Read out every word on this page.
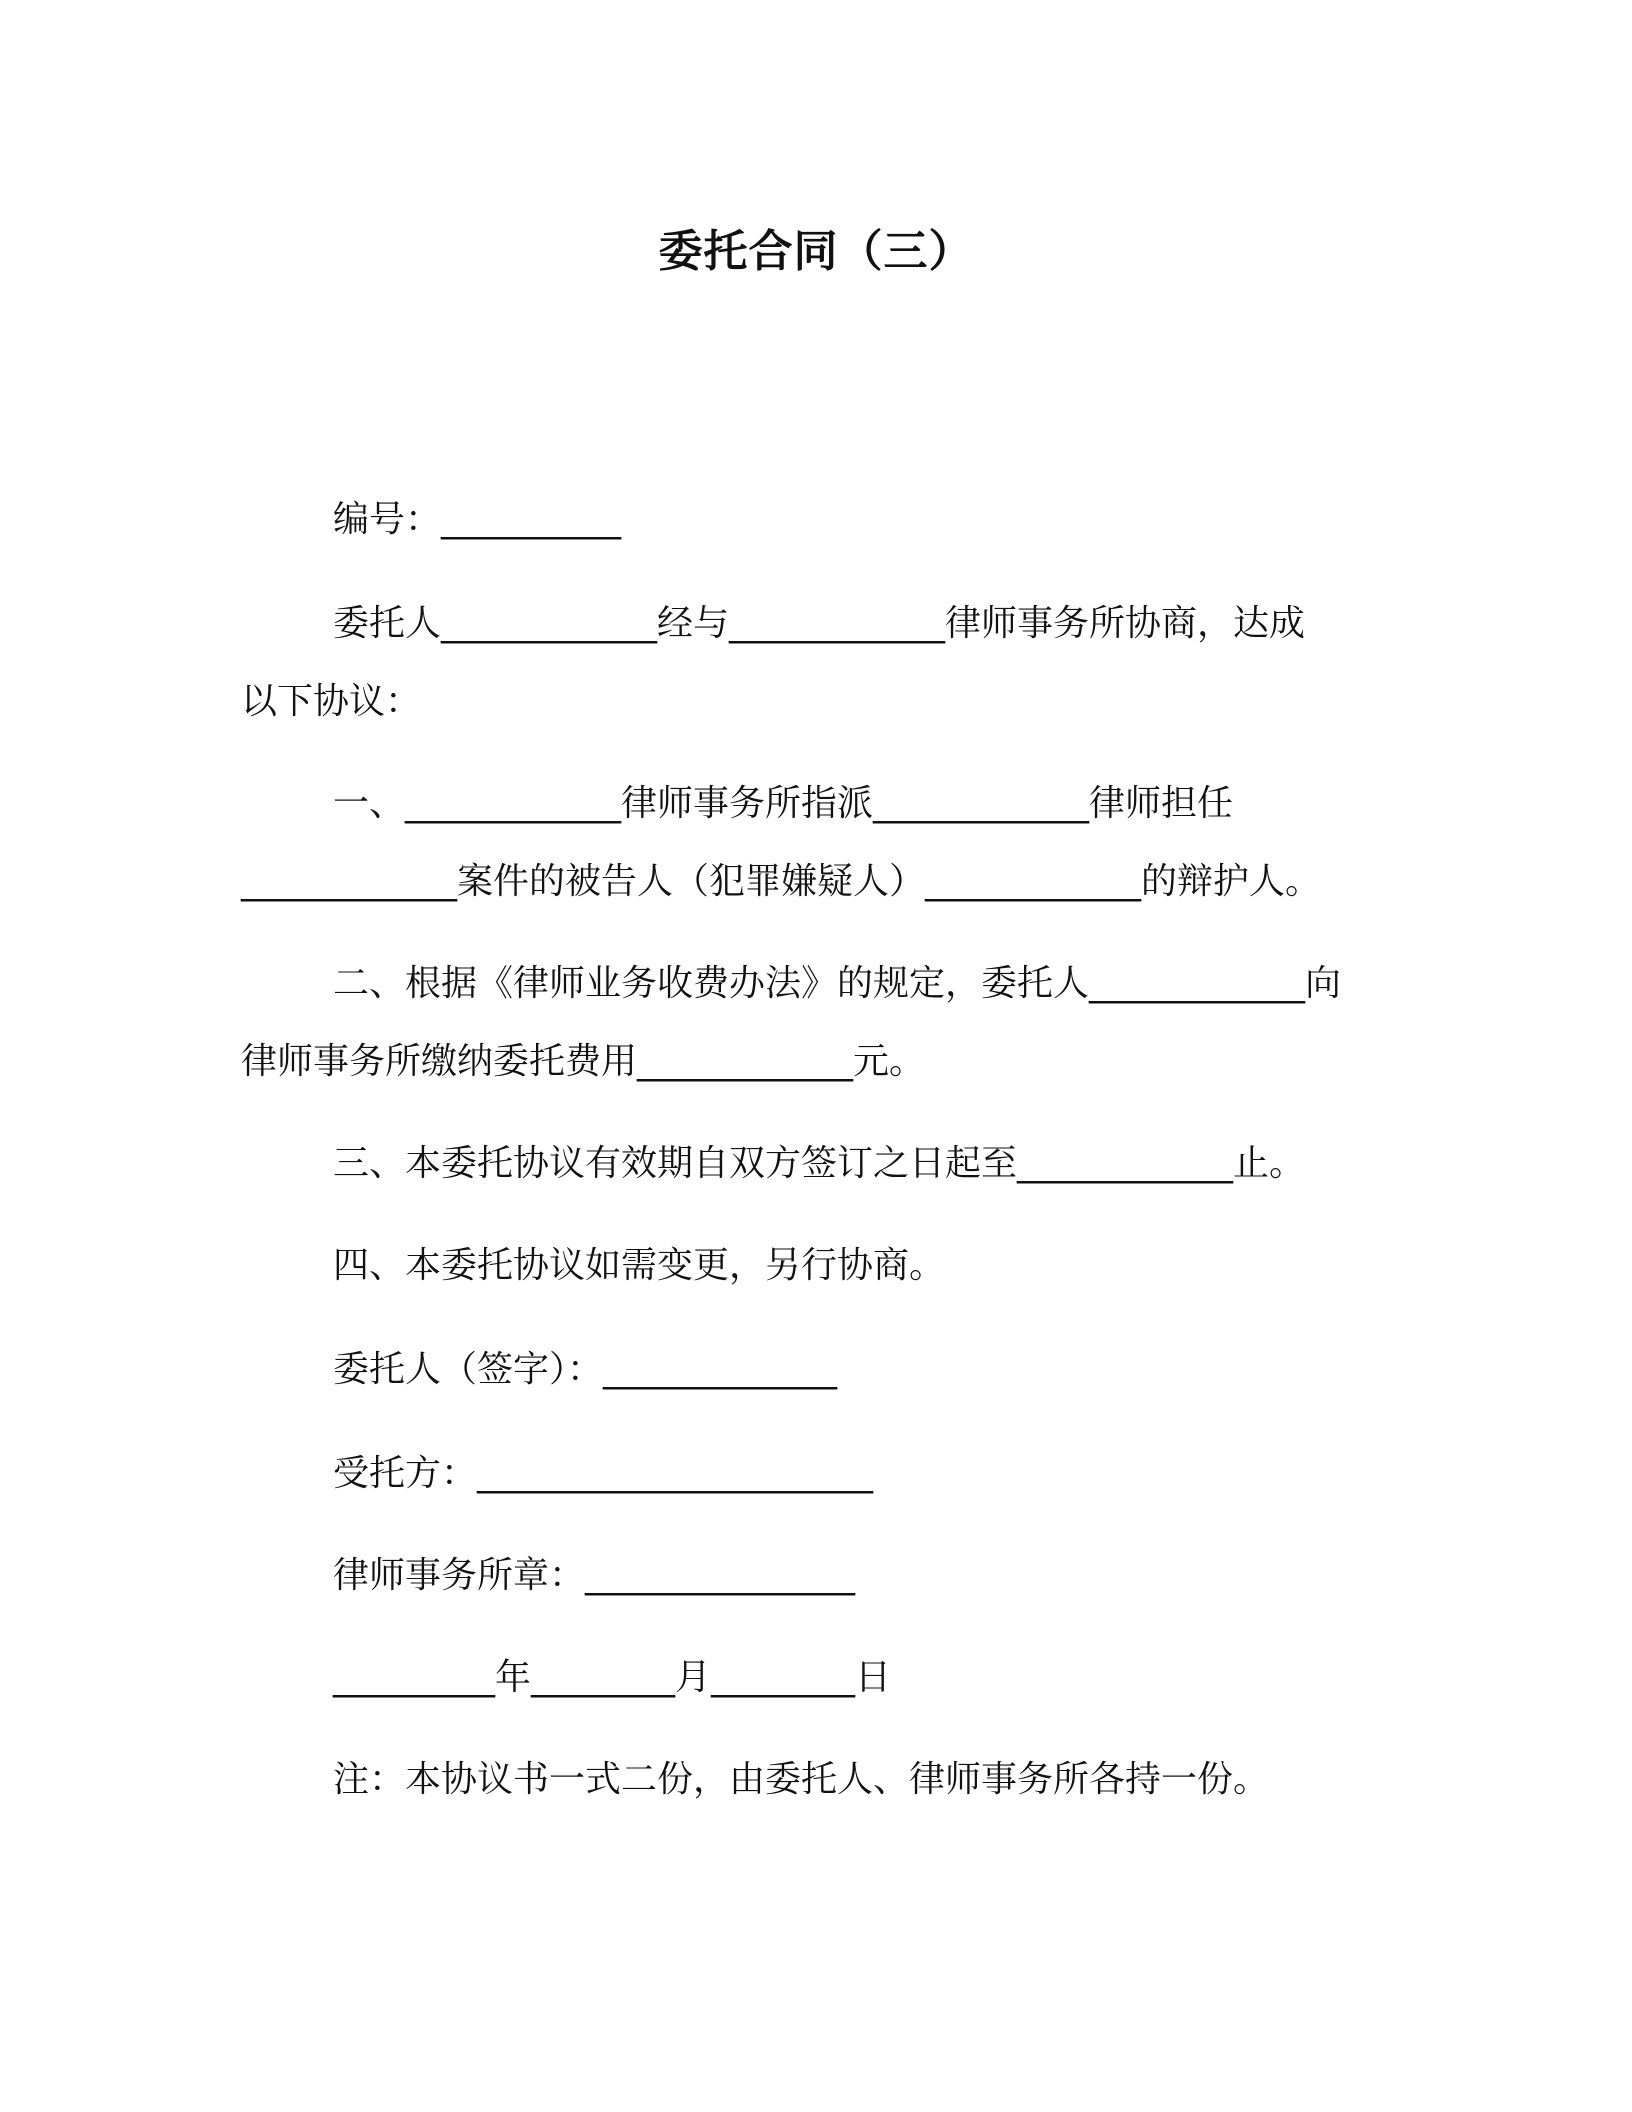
委托合同（三）

编号：__________

委托人____________经与____________律师事务所协商，达成

以下协议：

一、____________律师事务所指派____________律师担任

____________案件的被告人（犯罪嫌疑人）____________的辩护人。

二、根据《律师业务收费办法》的规定，委托人____________向

律师事务所缴纳委托费用____________元。

三、本委托协议有效期自双方签订之日起至____________止。

四、本委托协议如需变更，另行协商。

委托人（签字）：_____________

受托方：______________________

律师事务所章：_______________

_________年________月________日

注：本协议书一式二份，由委托人、律师事务所各持一份。
